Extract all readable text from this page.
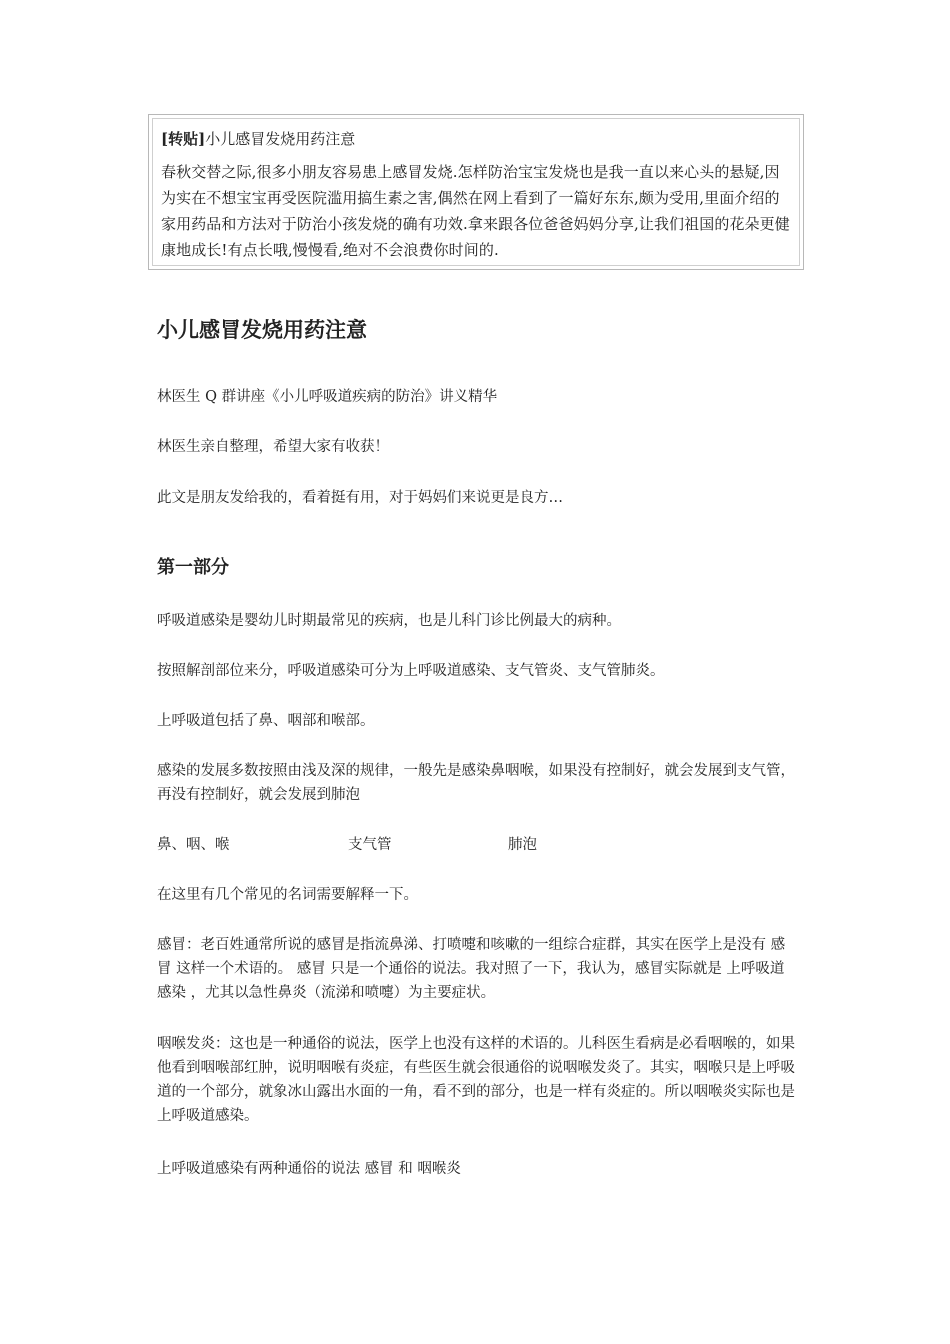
[转贴]小儿感冒发烧用药注意

春秋交替之际,很多小朋友容易患上感冒发烧.怎样防治宝宝发烧也是我一直以来心头的悬疑,因为实在不想宝宝再受医院滥用搞生素之害,偶然在网上看到了一篇好东东,颇为受用,里面介绍的家用药品和方法对于防治小孩发烧的确有功效.拿来跟各位爸爸妈妈分享,让我们祖国的花朵更健康地成长!有点长哦,慢慢看,绝对不会浪费你时间的.

小儿感冒发烧用药注意

林医生 Q 群讲座《小儿呼吸道疾病的防治》讲义精华

林医生亲自整理，希望大家有收获！

此文是朋友发给我的，看着挺有用，对于妈妈们来说更是良方…

第一部分

呼吸道感染是婴幼儿时期最常见的疾病，也是儿科门诊比例最大的病种。

按照解剖部位来分，呼吸道感染可分为上呼吸道感染、支气管炎、支气管肺炎。

上呼吸道包括了鼻、咽部和喉部。

感染的发展多数按照由浅及深的规律，一般先是感染鼻咽喉，如果没有控制好，就会发展到支气管，再没有控制好，就会发展到肺泡

鼻、咽、喉	支气管	肺泡

在这里有几个常见的名词需要解释一下。

感冒：老百姓通常所说的感冒是指流鼻涕、打喷嚏和咳嗽的一组综合症群，其实在医学上是没有 感冒 这样一个术语的。 感冒 只是一个通俗的说法。我对照了一下，我认为，感冒实际就是 上呼吸道感染 ，尤其以急性鼻炎（流涕和喷嚏）为主要症状。

咽喉发炎：这也是一种通俗的说法，医学上也没有这样的术语的。儿科医生看病是必看咽喉的，如果他看到咽喉部红肿，说明咽喉有炎症，有些医生就会很通俗的说咽喉发炎了。其实，咽喉只是上呼吸道的一个部分，就象冰山露出水面的一角，看不到的部分，也是一样有炎症的。所以咽喉炎实际也是上呼吸道感染。

上呼吸道感染有两种通俗的说法 感冒 和 咽喉炎
